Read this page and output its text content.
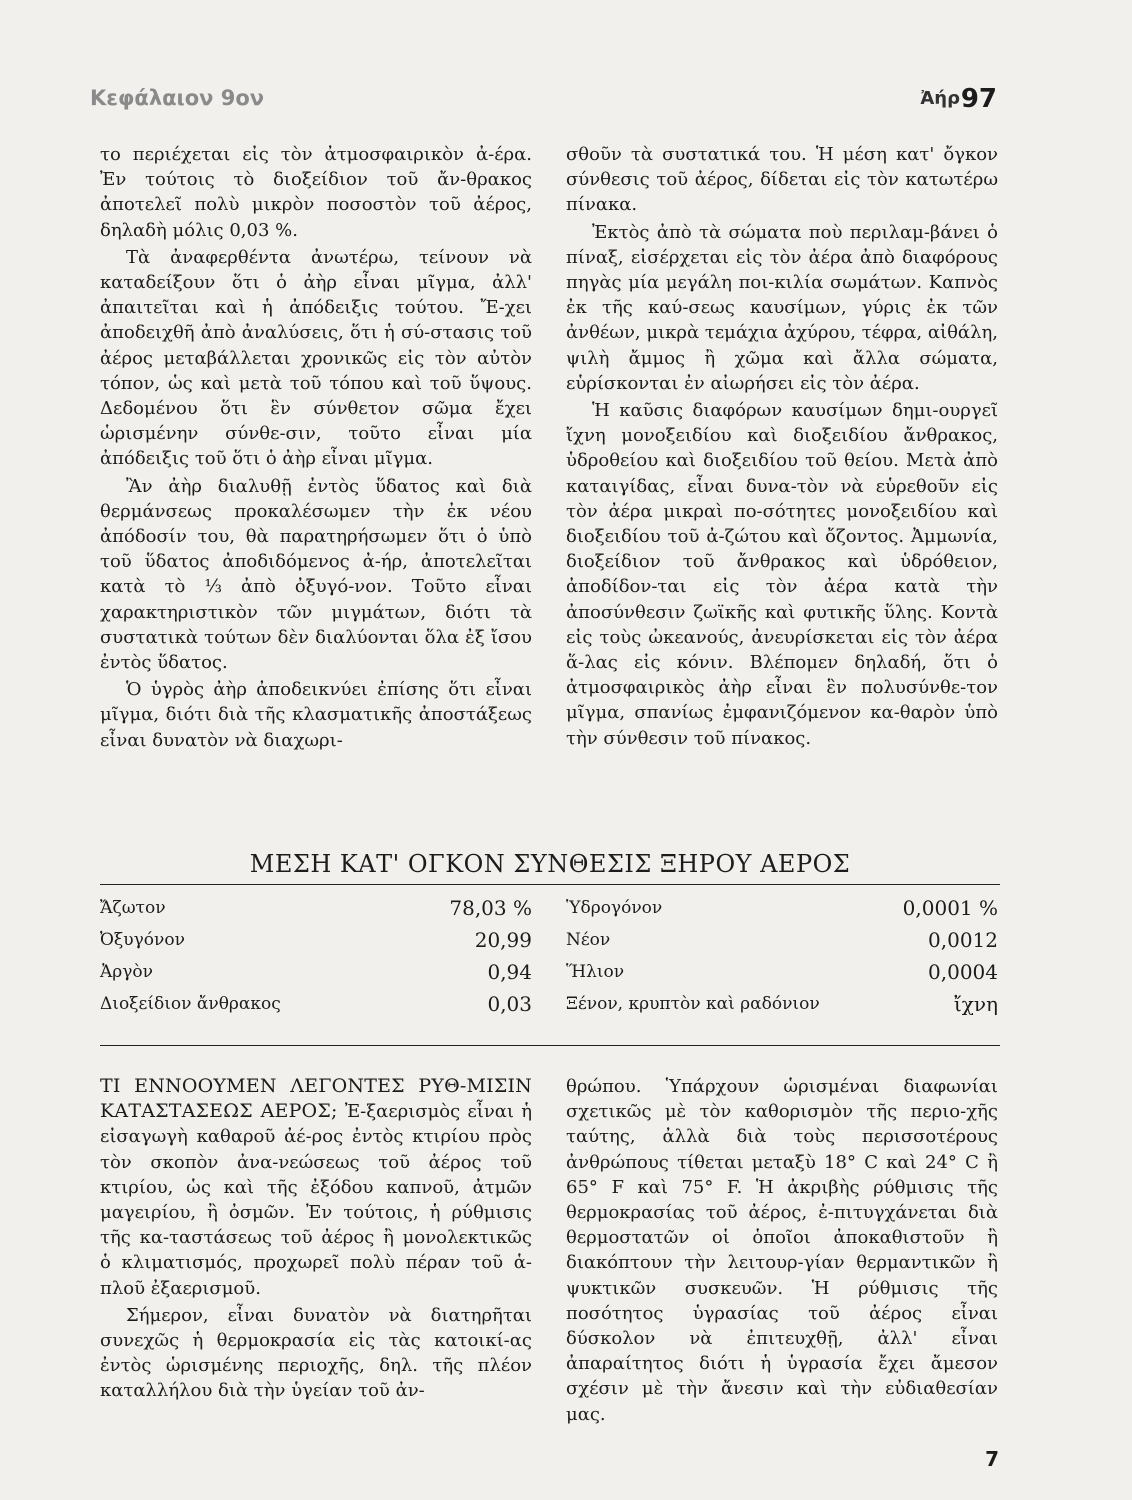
Κεφάλαιον 9ον	Ἀήρ 97

το περιέχεται εἰς τὸν ἀτμοσφαιρικὸν ἀ-έρα. Ἐν τούτοις τὸ διοξείδιον τοῦ ἄν-θρακος ἀποτελεῖ πολὺ μικρὸν ποσοστὸν τοῦ ἀέρος, δηλαδὴ μόλις 0,03 %.

Τὰ ἀναφερθέντα ἀνωτέρω, τείνουν νὰ καταδείξουν ὅτι ὁ ἀὴρ εἶναι μῖγμα, ἀλλ' ἀπαιτεῖται καὶ ἡ ἀπόδειξις τούτου. Ἔ-χει ἀποδειχθῆ ἀπὸ ἀναλύσεις, ὅτι ἡ σύ-στασις τοῦ ἀέρος μεταβάλλεται χρονικῶς εἰς τὸν αὐτὸν τόπον, ὡς καὶ μετὰ τοῦ τόπου καὶ τοῦ ὕψους. Δεδομένου ὅτι ἓν σύνθετον σῶμα ἔχει ὡρισμένην σύνθε-σιν, τοῦτο εἶναι μία ἀπόδειξις τοῦ ὅτι ὁ ἀὴρ εἶναι μῖγμα.

Ἂν ἀὴρ διαλυθῇ ἐντὸς ὕδατος καὶ διὰ θερμάνσεως προκαλέσωμεν τὴν ἐκ νέου ἀπόδοσίν του, θὰ παρατηρήσωμεν ὅτι ὁ ὑπὸ τοῦ ὕδατος ἀποδιδόμενος ἀ-ήρ, ἀποτελεῖται κατὰ τὸ ⅓ ἀπὸ ὀξυγό-νον. Τοῦτο εἶναι χαρακτηριστικὸν τῶν μιγμάτων, διότι τὰ συστατικὰ τούτων δὲν διαλύονται ὅλα ἐξ ἴσου ἐντὸς ὕδατος.

Ὁ ὑγρὸς ἀὴρ ἀποδεικνύει ἐπίσης ὅτι εἶναι μῖγμα, διότι διὰ τῆς κλασματικῆς ἀποστάξεως εἶναι δυνατὸν νὰ διαχωρι-

σθοῦν τὰ συστατικά του. Ἡ μέση κατ' ὄγκον σύνθεσις τοῦ ἀέρος, δίδεται εἰς τὸν κατωτέρω πίνακα.

Ἐκτὸς ἀπὸ τὰ σώματα ποὺ περιλαμ-βάνει ὁ πίναξ, εἰσέρχεται εἰς τὸν ἀέρα ἀπὸ διαφόρους πηγὰς μία μεγάλη ποι-κιλία σωμάτων. Καπνὸς ἐκ τῆς καύ-σεως καυσίμων, γύρις ἐκ τῶν ἀνθέων, μικρὰ τεμάχια ἀχύρου, τέφρα, αἰθάλη, ψιλὴ ἄμμος ἢ χῶμα καὶ ἄλλα σώματα, εὑρίσκονται ἐν αἰωρήσει εἰς τὸν ἀέρα.

Ἡ καῦσις διαφόρων καυσίμων δημι-ουργεῖ ἴχνη μονοξειδίου καὶ διοξειδίου ἄνθρακος, ὑδροθείου καὶ διοξειδίου τοῦ θείου. Μετὰ ἀπὸ καταιγίδας, εἶναι δυνα-τὸν νὰ εὑρεθοῦν εἰς τὸν ἀέρα μικραὶ πο-σότητες μονοξειδίου καὶ διοξειδίου τοῦ ἀ-ζώτου καὶ ὄζοντος. Ἀμμωνία, διοξείδιον τοῦ ἄνθρακος καὶ ὑδρόθειον, ἀποδίδον-ται εἰς τὸν ἀέρα κατὰ τὴν ἀποσύνθεσιν ζωϊκῆς καὶ φυτικῆς ὕλης. Κοντὰ εἰς τοὺς ὠκεανούς, ἀνευρίσκεται εἰς τὸν ἀέρα ἅ-λας εἰς κόνιν. Βλέπομεν δηλαδή, ὅτι ὁ ἀτμοσφαιρικὸς ἀὴρ εἶναι ἓν πολυσύνθε-τον μῖγμα, σπανίως ἐμφανιζόμενον κα-θαρὸν ὑπὸ τὴν σύνθεσιν τοῦ πίνακος.

ΜΕΣΗ ΚΑΤ' ΟΓΚΟΝ ΣΥΝΘΕΣΙΣ ΞΗΡΟΥ ΑΕΡΟΣ
Ἄζωτον	78,03 %
Ὀξυγόνον	20,99
Ἀργὸν	0,94
Διοξείδιον ἄνθρακος	0,03
Ὑδρογόνον	0,0001 %
Νέον	0,0012
Ἥλιον	0,0004
Ξένον, κρυπτὸν καὶ ραδόνιον	ἴχνη

ΤΙ ΕΝΝΟΟΥΜΕΝ ΛΕΓΟΝΤΕΣ ΡΥΘ-ΜΙΣΙΝ ΚΑΤΑΣΤΑΣΕΩΣ ΑΕΡΟΣ; Ἐ-ξαερισμὸς εἶναι ἡ εἰσαγωγὴ καθαροῦ ἀέ-ρος ἐντὸς κτιρίου πρὸς τὸν σκοπὸν ἀνα-νεώσεως τοῦ ἀέρος τοῦ κτιρίου, ὡς καὶ τῆς ἐξόδου καπνοῦ, ἀτμῶν μαγειρίου, ἢ ὀσμῶν. Ἐν τούτοις, ἡ ρύθμισις τῆς κα-ταστάσεως τοῦ ἀέρος ἢ μονολεκτικῶς ὁ κλιματισμός, προχωρεῖ πολὺ πέραν τοῦ ἁ-πλοῦ ἐξαερισμοῦ.

Σήμερον, εἶναι δυνατὸν νὰ διατηρῆται συνεχῶς ἡ θερμοκρασία εἰς τὰς κατοικί-ας ἐντὸς ὡρισμένης περιοχῆς, δηλ. τῆς πλέον καταλλήλου διὰ τὴν ὑγείαν τοῦ ἀν-

θρώπου. Ὑπάρχουν ὡρισμέναι διαφωνίαι σχετικῶς μὲ τὸν καθορισμὸν τῆς περιο-χῆς ταύτης, ἀλλὰ διὰ τοὺς περισσοτέρους ἀνθρώπους τίθεται μεταξὺ 18° C καὶ 24° C ἢ 65° F καὶ 75° F. Ἡ ἀκριβὴς ρύθμισις τῆς θερμοκρασίας τοῦ ἀέρος, ἐ-πιτυγχάνεται διὰ θερμοστατῶν οἱ ὁποῖοι ἀποκαθιστοῦν ἢ διακόπτουν τὴν λειτουρ-γίαν θερμαντικῶν ἢ ψυκτικῶν συσκευῶν. Ἡ ρύθμισις τῆς ποσότητος ὑγρασίας τοῦ ἀέρος εἶναι δύσκολον νὰ ἐπιτευχθῇ, ἀλλ' εἶναι ἀπαραίτητος διότι ἡ ὑγρασία ἔχει ἄμεσον σχέσιν μὲ τὴν ἄνεσιν καὶ τὴν εὐδιαθεσίαν μας.

7
